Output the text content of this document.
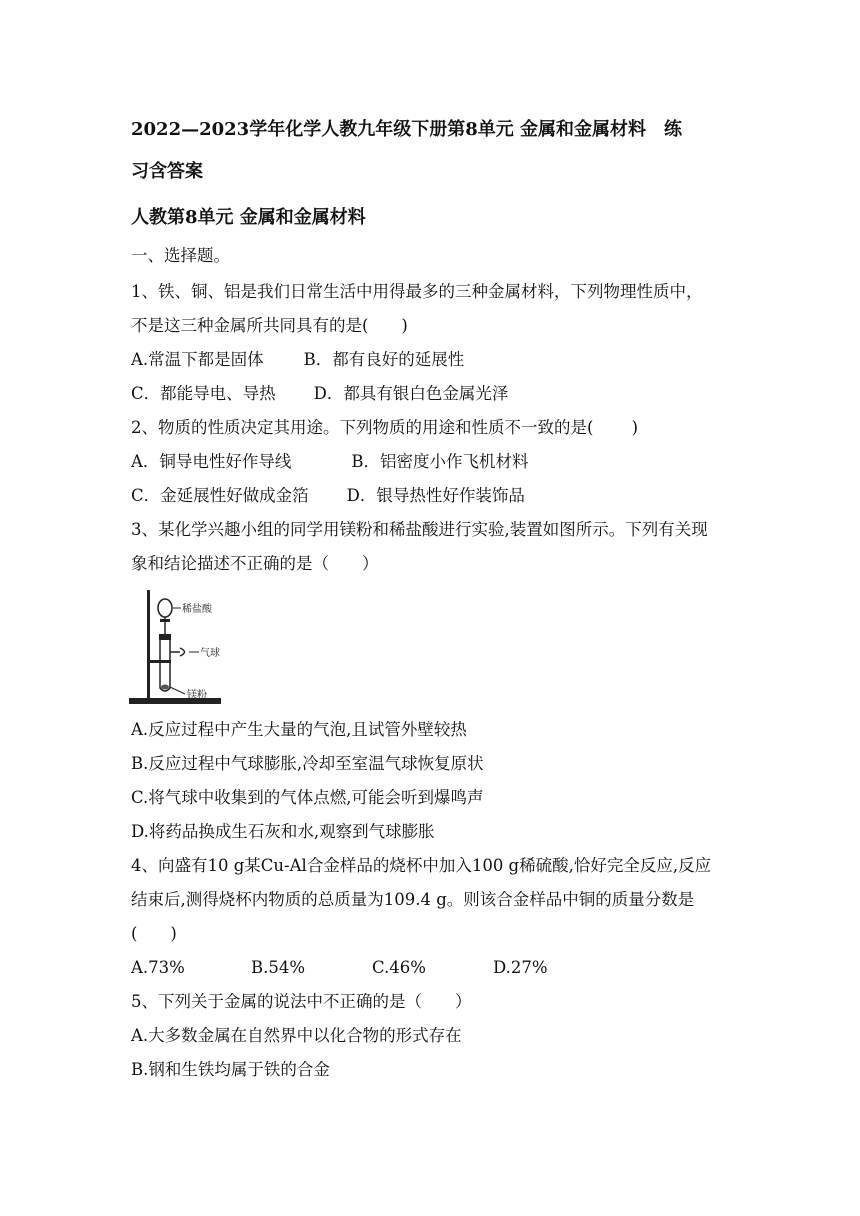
2022—2023学年化学人教九年级下册第8单元 金属和金属材料　练
习含答案
人教第8单元 金属和金属材料
一、选择题。
1、铁、铜、铝是我们日常生活中用得最多的三种金属材料，下列物理性质中，
不是这三种金属所共同具有的是(　　)
A.常温下都是固体 B．都有良好的延展性
C．都能导电、导热 D．都具有银白色金属光泽
2、物质的性质决定其用途。下列物质的用途和性质不一致的是(　　 )
A．铜导电性好作导线	B．铝密度小作飞机材料
C．金延展性好做成金箔 D．银导热性好作装饰品
3、某化学兴趣小组的同学用镁粉和稀盐酸进行实验,装置如图所示。下列有关现
象和结论描述不正确的是（　　）
稀盐酸
气球
镁粉
A.反应过程中产生大量的气泡,且试管外壁较热
B.反应过程中气球膨胀,冷却至室温气球恢复原状
C.将气球中收集到的气体点燃,可能会听到爆鸣声
D.将药品换成生石灰和水,观察到气球膨胀
4、向盛有10 g某Cu-Al合金样品的烧杯中加入100 g稀硫酸,恰好完全反应,反应
结束后,测得烧杯内物质的总质量为109.4 g。则该合金样品中铜的质量分数是
(　　)
A.73%	B.54%	C.46%	D.27%
5、下列关于金属的说法中不正确的是（　　）
A.大多数金属在自然界中以化合物的形式存在
B.钢和生铁均属于铁的合金
